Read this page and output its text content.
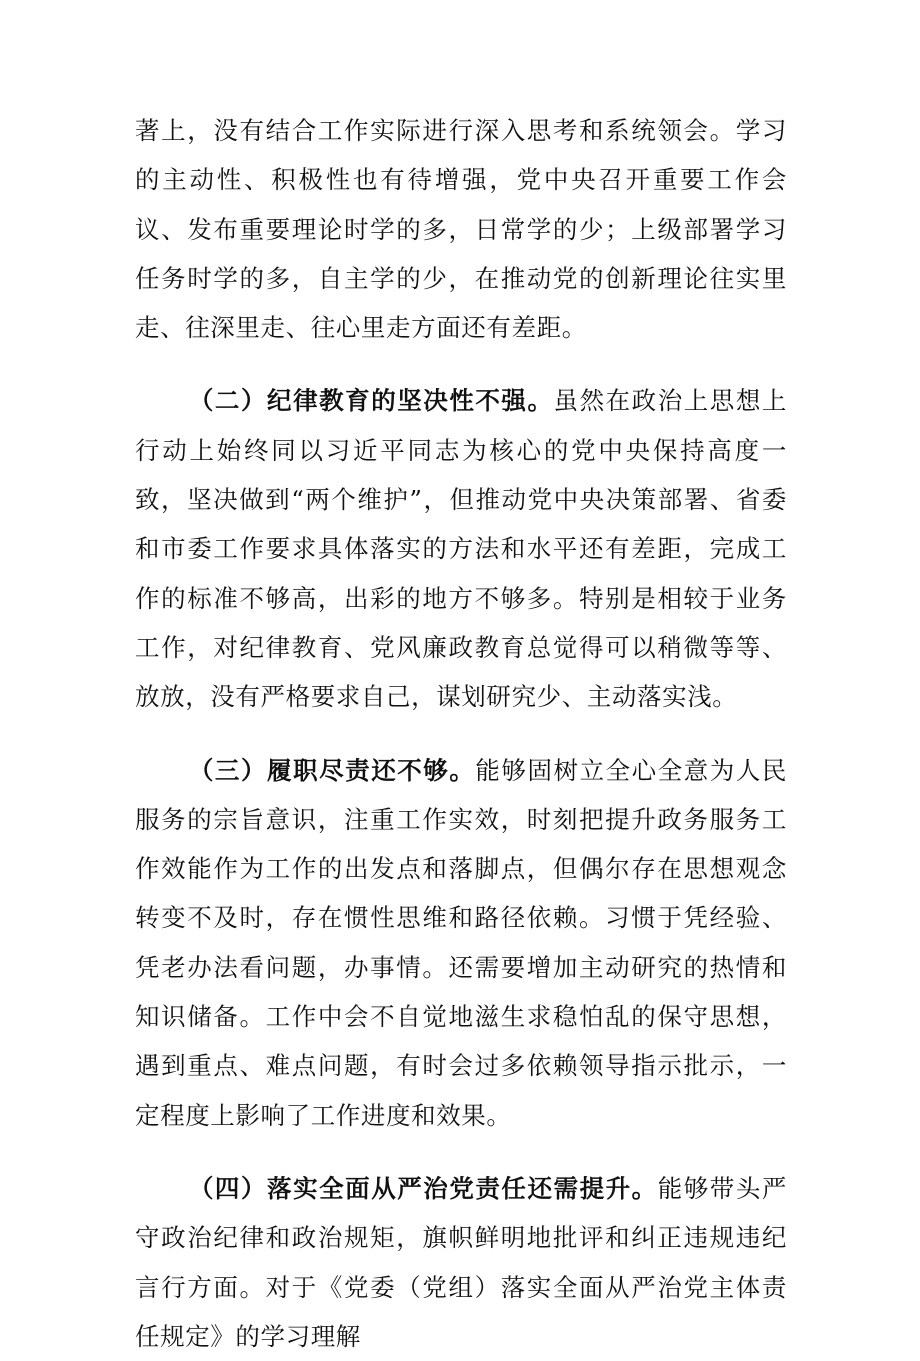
著上，没有结合工作实际进行深入思考和系统领会。学习的主动性、积极性也有待增强，党中央召开重要工作会议、发布重要理论时学的多，日常学的少；上级部署学习任务时学的多，自主学的少，在推动党的创新理论往实里走、往深里走、往心里走方面还有差距。

（二）纪律教育的坚决性不强。虽然在政治上思想上行动上始终同以习近平同志为核心的党中央保持高度一致，坚决做到“两个维护”，但推动党中央决策部署、省委和市委工作要求具体落实的方法和水平还有差距，完成工作的标准不够高，出彩的地方不够多。特别是相较于业务工作，对纪律教育、党风廉政教育总觉得可以稍微等等、放放，没有严格要求自己，谋划研究少、主动落实浅。

（三）履职尽责还不够。能够固树立全心全意为人民服务的宗旨意识，注重工作实效，时刻把提升政务服务工作效能作为工作的出发点和落脚点，但偶尔存在思想观念转变不及时，存在惯性思维和路径依赖。习惯于凭经验、凭老办法看问题，办事情。还需要增加主动研究的热情和知识储备。工作中会不自觉地滋生求稳怕乱的保守思想，遇到重点、难点问题，有时会过多依赖领导指示批示，一定程度上影响了工作进度和效果。

（四）落实全面从严治党责任还需提升。能够带头严守政治纪律和政治规矩，旗帜鲜明地批评和纠正违规违纪言行方面。对于《党委（党组）落实全面从严治党主体责任规定》的学习理解
